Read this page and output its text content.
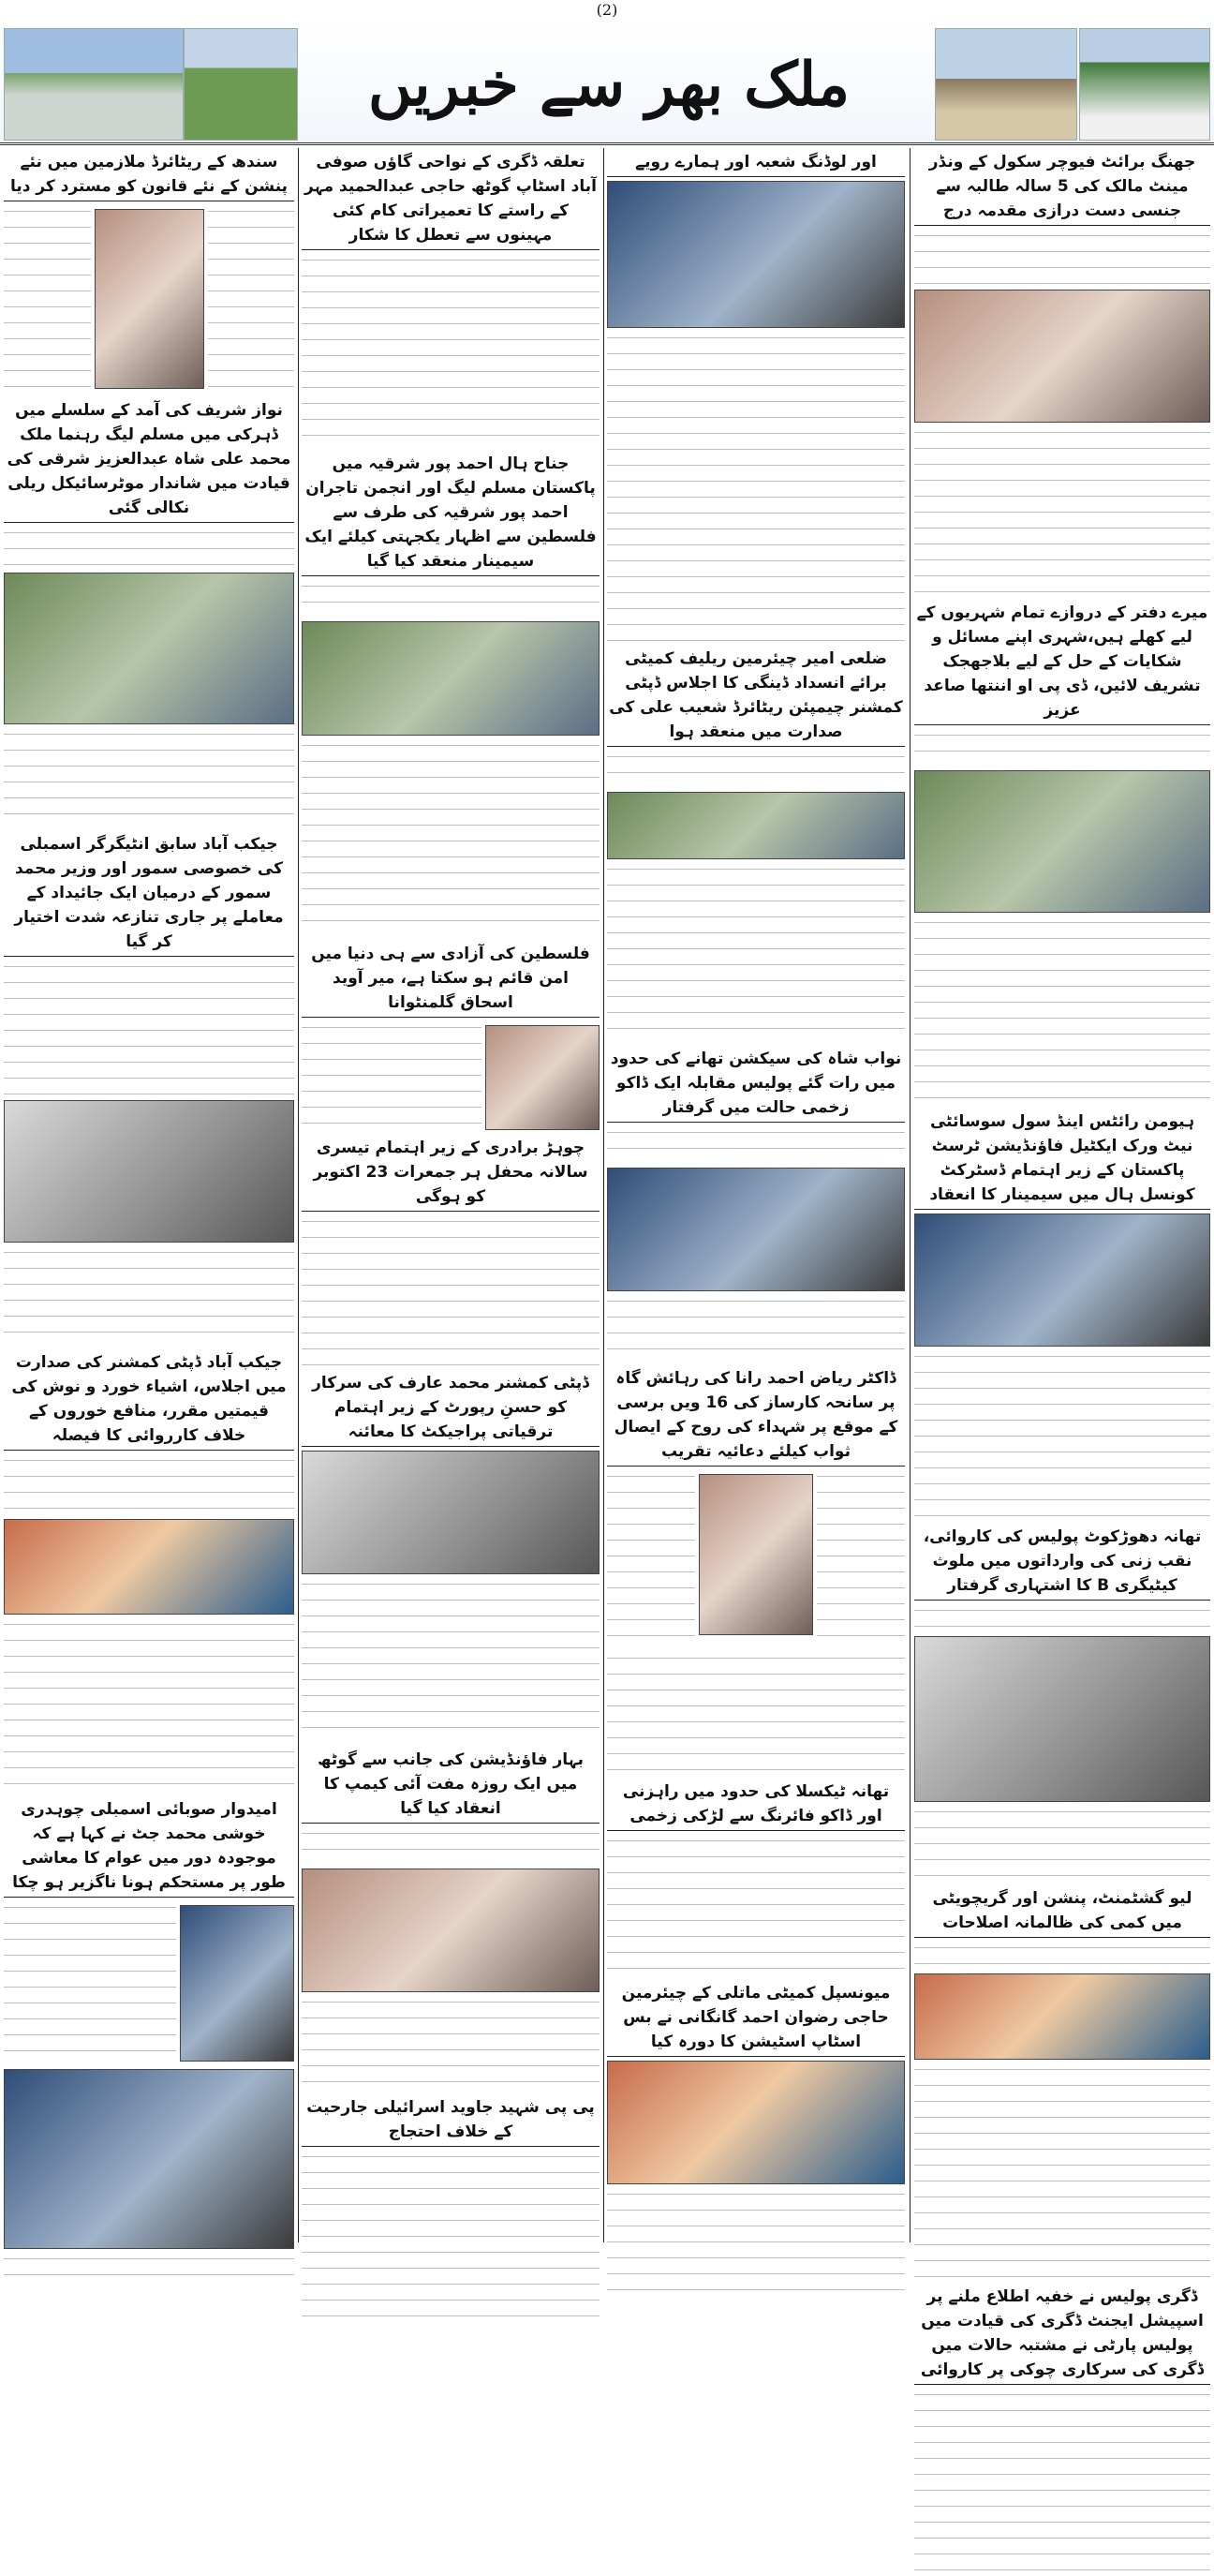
(2)
ملک بھر سے خبریں
جھنگ برائٹ فیوچر سکول کے ونڈر مینٹ مالک کی 5 سالہ طالبہ سے جنسی دست درازی مقدمہ درج
میرے دفتر کے دروازے تمام شہریوں کے لیے کھلے ہیں،شہری اپنے مسائل و شکایات کے حل کے لیے بلاجھجک تشریف لائیں، ڈی پی او اننتھا صاعد عزیز
ہیومن رائٹس اینڈ سول سوسائٹی نیٹ ورک ایکٹیل فاؤنڈیشن ٹرسٹ پاکستان کے زیر اہتمام ڈسٹرکٹ کونسل ہال میں سیمینار کا انعقاد
تھانہ دھوڑکوٹ پولیس کی کاروائی، نقب زنی کی وارداتوں میں ملوث کیٹیگری B کا اشتہاری گرفتار
لیو گشٹمنٹ، پنشن اور گریچویٹی میں کمی کی ظالمانہ اصلاحات
ڈگری پولیس نے خفیہ اطلاع ملنے پر اسپیشل ایجنٹ ڈگری کی قیادت میں پولیس پارٹی نے مشتبہ حالات میں ڈگری کی سرکاری چوکی پر کاروائی
اور لوڈنگ شعبہ اور ہمارے رویے
ضلعی امیر چیئرمین ریلیف کمیٹی برائے انسداد ڈینگی کا اجلاس ڈپٹی کمشنر چیمپئن ریٹائرڈ شعیب علی کی صدارت میں منعقد ہوا
نواب شاہ کی سیکشن تھانے کی حدود میں رات گئے پولیس مقابلہ ایک ڈاکو زخمی حالت میں گرفتار
ڈاکٹر ریاض احمد رانا کی رہائش گاہ پر سانحہ کارساز کی 16 ویں برسی کے موقع پر شہداء کی روح کے ایصال ثواب کیلئے دعائیہ تقریب
تھانہ ٹیکسلا کی حدود میں راہزنی اور ڈاکو فائرنگ سے لڑکی زخمی
میونسپل کمیٹی ماتلی کے چیئرمین حاجی رضوان احمد گانگانی نے بس اسٹاپ اسٹیشن کا دورہ کیا
تعلقہ ڈگری کے نواحی گاؤں صوفی آباد اسٹاپ گوٹھ حاجی عبدالحمید مہر کے راستے کا تعمیراتی کام کئی مہینوں سے تعطل کا شکار
جناح ہال احمد پور شرقیہ میں پاکستان مسلم لیگ اور انجمن تاجران احمد پور شرقیہ کی طرف سے فلسطین سے اظہار یکجہتی کیلئے ایک سیمینار منعقد کیا گیا
فلسطین کی آزادی سے ہی دنیا میں امن قائم ہو سکتا ہے، میر آوید اسحاق گلمنٹوانا
چوہڑ برادری کے زیر اہتمام تیسری سالانہ محفل ہر جمعرات 23 اکتوبر کو ہوگی
ڈپٹی کمشنر محمد عارف کی سرکار کو حسنِ رپورٹ کے زیر اہتمام ترقیاتی پراجیکٹ کا معائنہ
بہار فاؤنڈیشن کی جانب سے گوٹھ میں ایک روزہ مفت آئی کیمپ کا انعقاد کیا گیا
پی پی شہید جاوید اسرائیلی جارحیت کے خلاف احتجاج
سندھ کے ریٹائرڈ ملازمین میں نئے پنشن کے نئے قانون کو مسترد کر دیا
نواز شریف کی آمد کے سلسلے میں ڈہرکی میں مسلم لیگ رہنما ملک محمد علی شاہ عبدالعزیز شرقی کی قیادت میں شاندار موٹرسائیکل ریلی نکالی گئی
جیکب آباد سابق انٹیگرگر اسمبلی کی خصوصی سمور اور وزیر محمد سمور کے درمیان ایک جائیداد کے معاملے پر جاری تنازعہ شدت اختیار کر گیا
جیکب آباد ڈپٹی کمشنر کی صدارت میں اجلاس، اشیاء خورد و نوش کی قیمتیں مقرر، منافع خوروں کے خلاف کارروائی کا فیصلہ
امیدوار صوبائی اسمبلی چوہدری خوشی محمد جٹ نے کہا ہے کہ موجودہ دور میں عوام کا معاشی طور پر مستحکم ہونا ناگزیر ہو چکا
